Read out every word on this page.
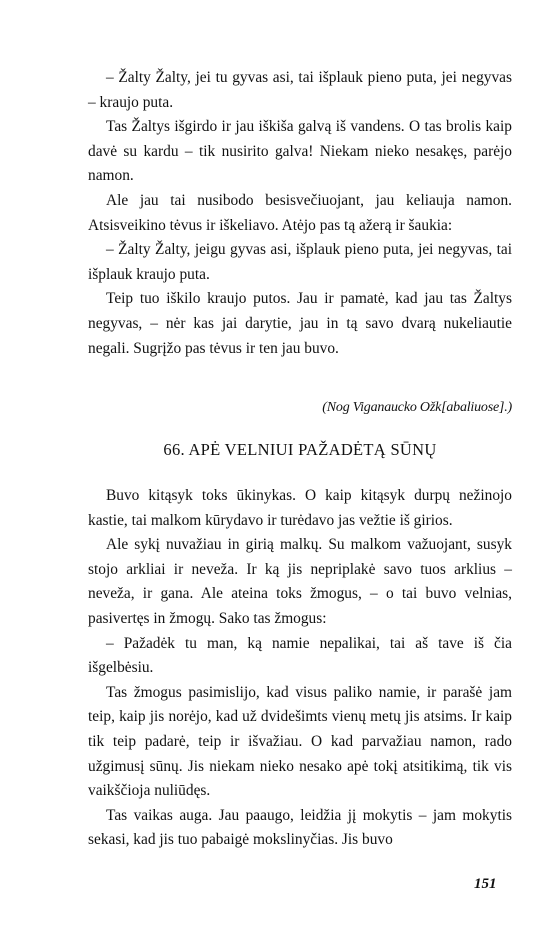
– Žalty Žalty, jei tu gyvas asi, tai išplauk pieno puta, jei negyvas – kraujo puta.

Tas Žaltys išgirdo ir jau iškiša galvą iš vandens. O tas brolis kaip davė su kardu – tik nusirito galva! Niekam nieko nesakęs, parėjo namon.

Ale jau tai nusibodo besisvečiuojant, jau keliauja namon. Atsisveikino tėvus ir iškeliavo. Atėjo pas tą ažerą ir šaukia:

– Žalty Žalty, jeigu gyvas asi, išplauk pieno puta, jei negyvas, tai išplauk kraujo puta.

Teip tuo iškilo kraujo putos. Jau ir pamatė, kad jau tas Žaltys negyvas, – nėr kas jai darytie, jau in tą savo dvarą nukeliautie negali. Sugrįžo pas tėvus ir ten jau buvo.

(Nog Viganaucko Ožk[abaliuose].)
66. APĖ VELNIUI PAŽADĖTĄ SŪNŲ

Buvo kitąsyk toks ūkinykas. O kaip kitąsyk durpų nežinojo kastie, tai malkom kūrydavo ir turėdavo jas vežtie iš girios.

Ale sykį nuvažiau in girią malkų. Su malkom važuojant, susyk stojo arkliai ir neveža. Ir ką jis nepriplakė savo tuos arklius – neveža, ir gana. Ale ateina toks žmogus, – o tai buvo velnias, pasivertęs in žmogų. Sako tas žmogus:

– Pažadėk tu man, ką namie nepalikai, tai aš tave iš čia išgelbėsiu.

Tas žmogus pasimislijo, kad visus paliko namie, ir parašė jam teip, kaip jis norėjo, kad už dvidešimts vienų metų jis atsims. Ir kaip tik teip padarė, teip ir išvažiau. O kad parvažiau namon, rado užgimusį sūnų. Jis niekam nieko nesako apė tokį atsitikimą, tik vis vaikščioja nuliūdęs.

Tas vaikas auga. Jau paaugo, leidžia jį mokytis – jam mokytis sekasi, kad jis tuo pabaigė mokslinyčias. Jis buvo

151
